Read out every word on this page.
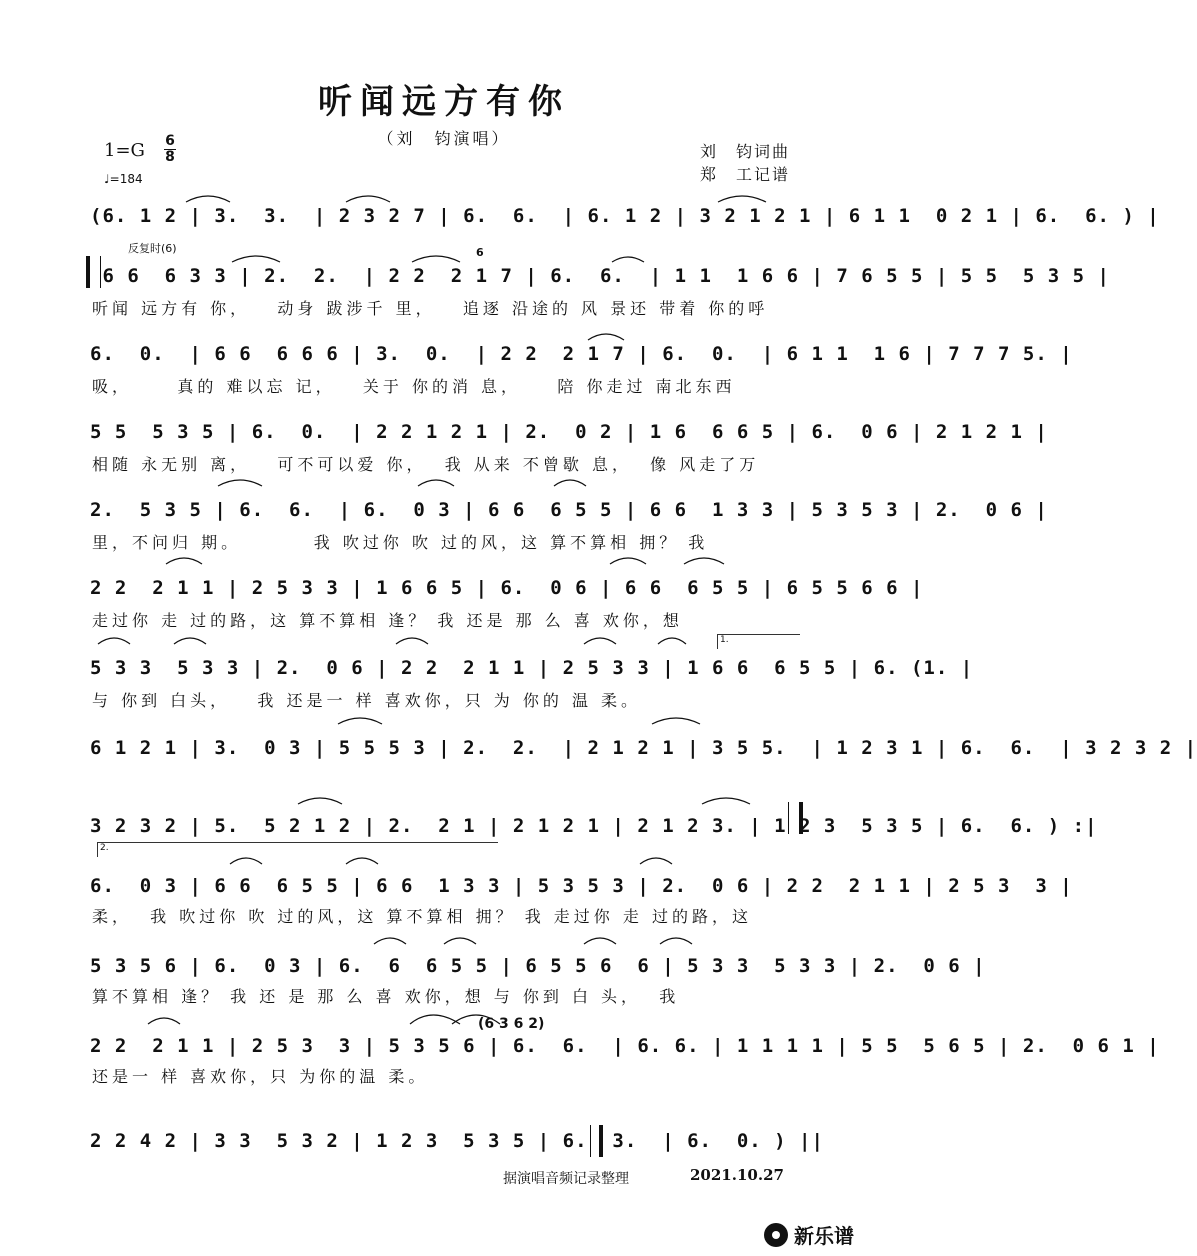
听闻远方有你
（刘　钧演唱）
1=G 6
8
♩=184
刘　钧词曲
郑　工记谱
反复时(6)	6
(6 3 6 2)
1.
2.
(6. 1 2 | 3.  3.  | 2 3 2 7 | 6.  6.  | 6. 1 2 | 3 2 1 2 1 | 6 1 1  0 2 1 | 6.  6. ) |
6 6  6 3 3 | 2.  2.  | 2 2  2 1 7 | 6.  6.  | 1 1  1 6 6 | 7 6 5 5 | 5 5  5 3 5 |
听闻 远方有 你，   动身 跋涉千 里，   追逐 沿途的 风 景还 带着 你的呼
6.  0.  | 6 6  6 6 6 | 3.  0.  | 2 2  2 1 7 | 6.  0.  | 6 1 1  1 6 | 7 7 7 5. |
吸，     真的 难以忘 记，   关于 你的消 息，    陪 你走过 南北东西
5 5  5 3 5 | 6.  0.  | 2 2 1 2 1 | 2.  0 2 | 1 6  6 6 5 | 6.  0 6 | 2 1 2 1 |
相随 永无别 离，   可不可以爱 你，  我 从来 不曾歇 息，  像 风走了万
2.  5 3 5 | 6.  6.  | 6.  0 3 | 6 6  6 5 5 | 6 6  1 3 3 | 5 3 5 3 | 2.  0 6 |
里，不问归 期。        我 吹过你 吹 过的风，这 算不算相 拥？ 我
2 2  2 1 1 | 2 5 3 3 | 1 6 6 5 | 6.  0 6 | 6 6  6 5 5 | 6 5 5 6 6 |
走过你 走 过的路，这 算不算相 逢？ 我 还是 那 么 喜 欢你，想
5 3 3  5 3 3 | 2.  0 6 | 2 2  2 1 1 | 2 5 3 3 | 1 6 6  6 5 5 | 6. (1. |
与 你到 白头，   我 还是一 样 喜欢你，只 为 你的 温 柔。
6 1 2 1 | 3.  0 3 | 5 5 5 3 | 2.  2.  | 2 1 2 1 | 3 5 5.  | 1 2 3 1 | 6.  6.  | 3 2 3 2 |
3 2 3 2 | 5.  5 2 1 2 | 2.  2 1 | 2 1 2 1 | 2 1 2 3. | 1 2 3  5 3 5 | 6.  6. ) :|
6.  0 3 | 6 6  6 5 5 | 6 6  1 3 3 | 5 3 5 3 | 2.  0 6 | 2 2  2 1 1 | 2 5 3  3 |
柔，  我 吹过你 吹 过的风，这 算不算相 拥？ 我 走过你 走 过的路，这
5 3 5 6 | 6.  0 3 | 6.  6  6 5 5 | 6 5 5 6  6 | 5 3 3  5 3 3 | 2.  0 6 |
算不算相 逢？ 我 还 是 那 么 喜 欢你，想 与 你到 白 头，  我
2 2  2 1 1 | 2 5 3  3 | 5 3 5 6 | 6.  6.  | 6. 6. | 1 1 1 1 | 5 5  5 6 5 | 2.  0 6 1 |
还是一 样 喜欢你，只 为你的温 柔。
2 2 4 2 | 3 3  5 3 2 | 1 2 3  5 3 5 | 6.  3.  | 6.  0. ) ||
据演唱音频记录整理	2021.10.27
新乐谱
